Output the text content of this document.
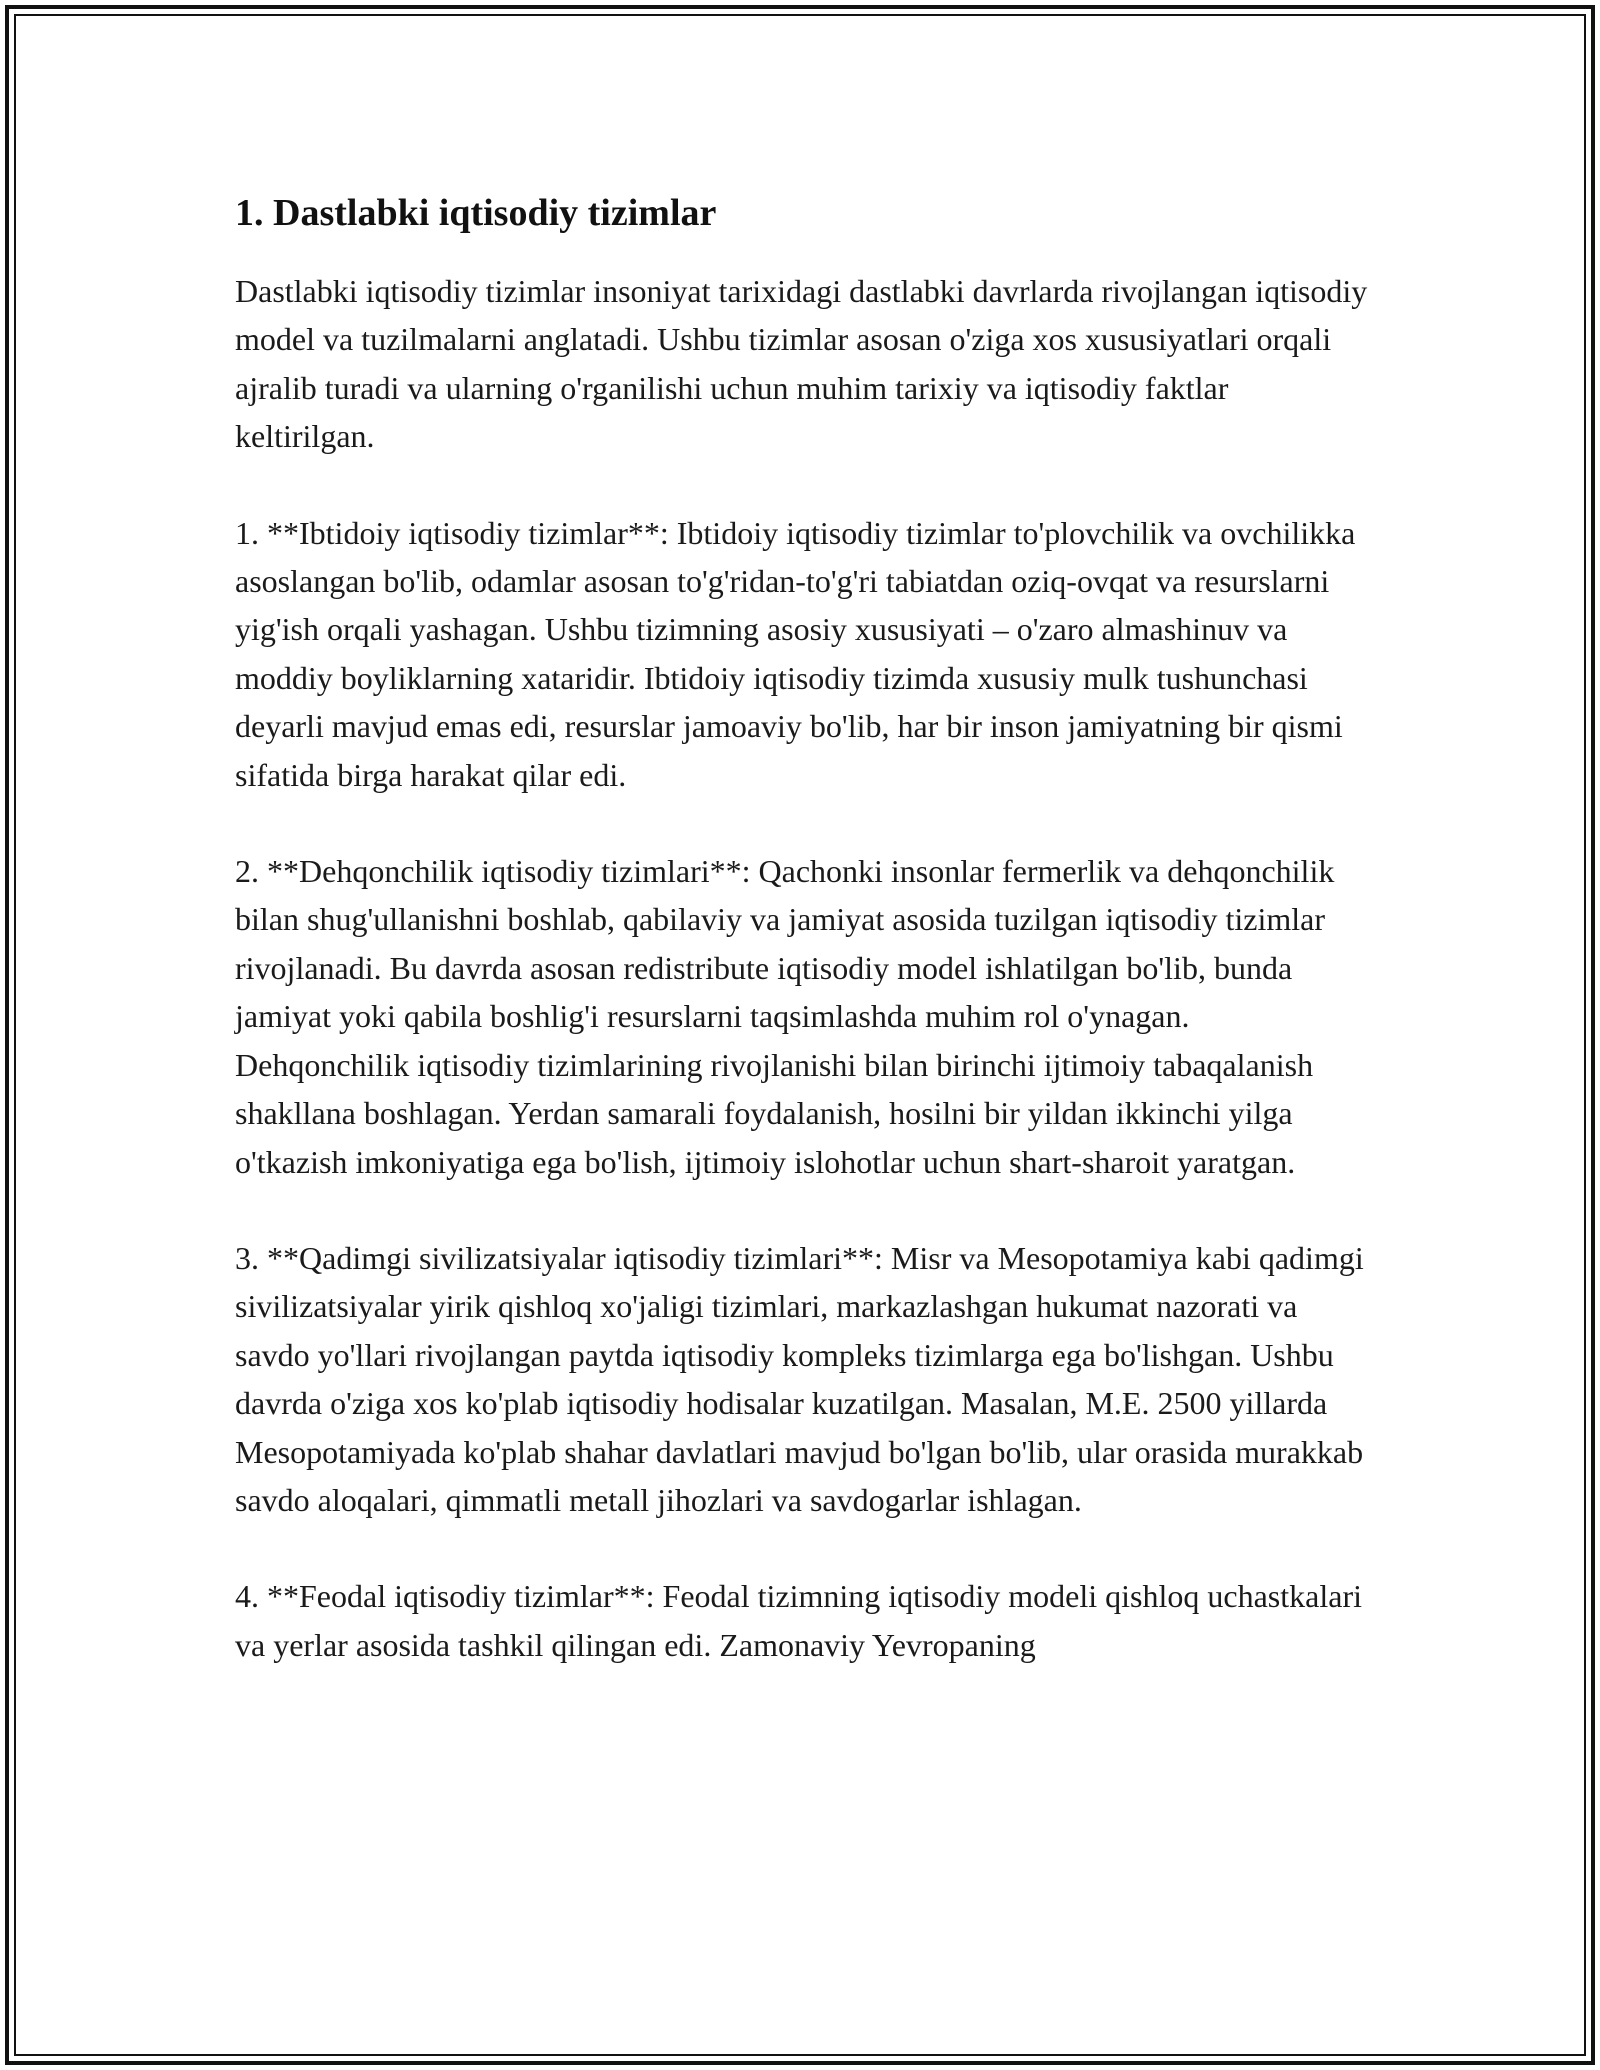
1. Dastlabki iqtisodiy tizimlar

Dastlabki iqtisodiy tizimlar insoniyat tarixidagi dastlabki davrlarda rivojlangan iqtisodiy model va tuzilmalarni anglatadi. Ushbu tizimlar asosan o'ziga xos xususiyatlari orqali ajralib turadi va ularning o'rganilishi uchun muhim tarixiy va iqtisodiy faktlar keltirilgan.

1. **Ibtidoiy iqtisodiy tizimlar**: Ibtidoiy iqtisodiy tizimlar to'plovchilik va ovchilikka asoslangan bo'lib, odamlar asosan to'g'ridan-to'g'ri tabiatdan oziq-ovqat va resurslarni yig'ish orqali yashagan. Ushbu tizimning asosiy xususiyati – o'zaro almashinuv va moddiy boyliklarning xataridir. Ibtidoiy iqtisodiy tizimda xususiy mulk tushunchasi deyarli mavjud emas edi, resurslar jamoaviy bo'lib, har bir inson jamiyatning bir qismi sifatida birga harakat qilar edi.

2. **Dehqonchilik iqtisodiy tizimlari**: Qachonki insonlar fermerlik va dehqonchilik bilan shug'ullanishni boshlab, qabilaviy va jamiyat asosida tuzilgan iqtisodiy tizimlar rivojlanadi. Bu davrda asosan redistribute iqtisodiy model ishlatilgan bo'lib, bunda jamiyat yoki qabila boshlig'i resurslarni taqsimlashda muhim rol o'ynagan. Dehqonchilik iqtisodiy tizimlarining rivojlanishi bilan birinchi ijtimoiy tabaqalanish shakllana boshlagan. Yerdan samarali foydalanish, hosilni bir yildan ikkinchi yilga o'tkazish imkoniyatiga ega bo'lish, ijtimoiy islohotlar uchun shart-sharoit yaratgan.

3. **Qadimgi sivilizatsiyalar iqtisodiy tizimlari**: Misr va Mesopotamiya kabi qadimgi sivilizatsiyalar yirik qishloq xo'jaligi tizimlari, markazlashgan hukumat nazorati va savdo yo'llari rivojlangan paytda iqtisodiy kompleks tizimlarga ega bo'lishgan. Ushbu davrda o'ziga xos ko'plab iqtisodiy hodisalar kuzatilgan. Masalan, M.E. 2500 yillarda Mesopotamiyada ko'plab shahar davlatlari mavjud bo'lgan bo'lib, ular orasida murakkab savdo aloqalari, qimmatli metall jihozlari va savdogarlar ishlagan.

4. **Feodal iqtisodiy tizimlar**: Feodal tizimning iqtisodiy modeli qishloq uchastkalari va yerlar asosida tashkil qilingan edi. Zamonaviy Yevropaning
